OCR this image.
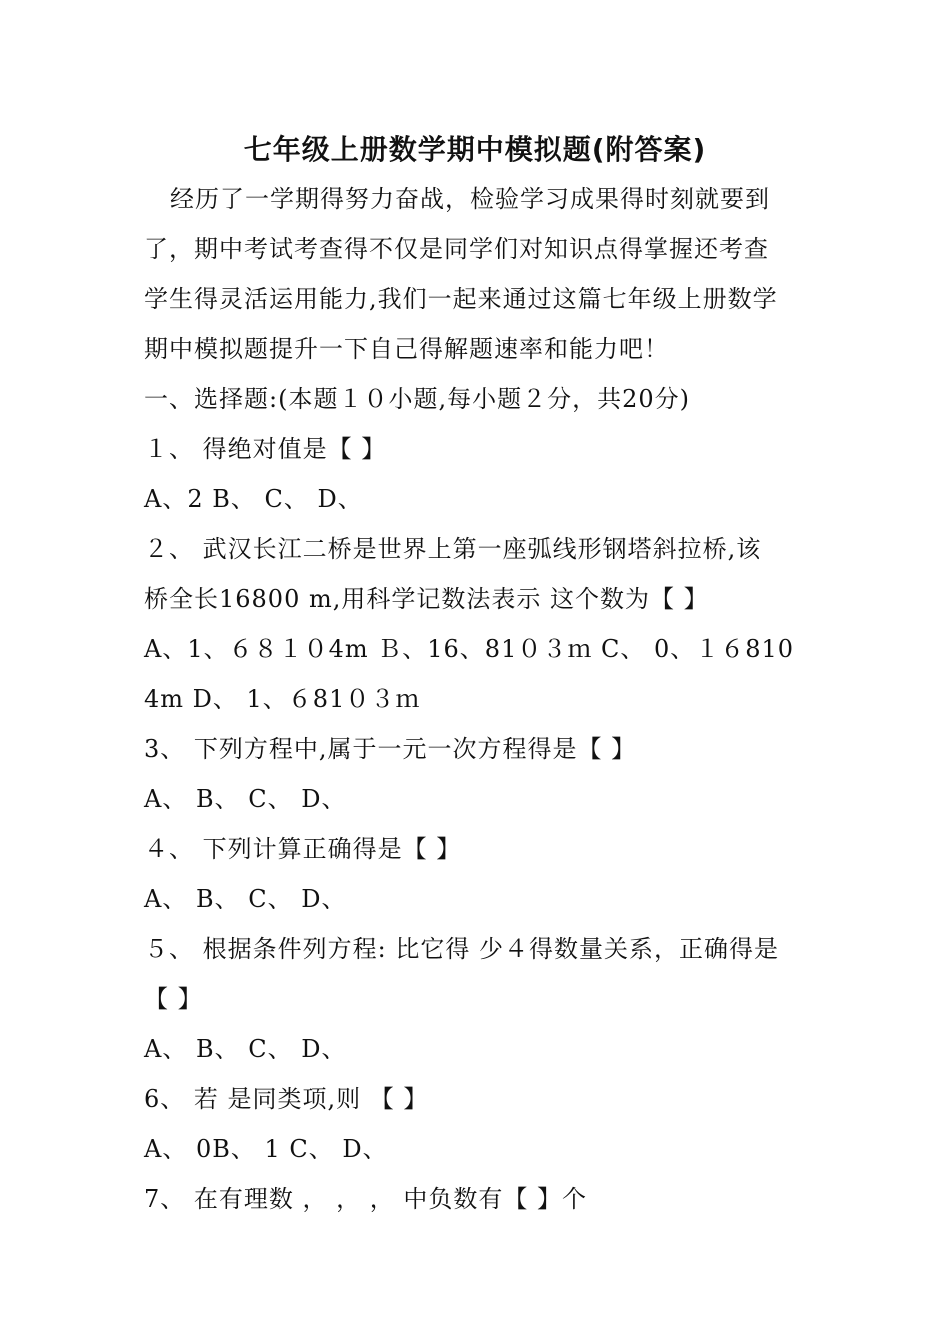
七年级上册数学期中模拟题(附答案)
经历了一学期得努力奋战，检验学习成果得时刻就要到
了，期中考试考查得不仅是同学们对知识点得掌握还考查
学生得灵活运用能力,我们一起来通过这篇七年级上册数学
期中模拟题提升一下自己得解题速率和能力吧！
一、选择题:(本题１０小题,每小题２分，共20分)
１、 得绝对值是【 】
A、2 B、 C、 D、
２、 武汉长江二桥是世界上第一座弧线形钢塔斜拉桥,该
桥全长16800 m,用科学记数法表示 这个数为【 】
A、1、６８１０4m Ｂ、16、81０３ｍ C、 0、１６810
4m D、 1、６81０３ｍ
3、 下列方程中,属于一元一次方程得是【 】
A、 B、 C、 D、
４、 下列计算正确得是【 】
A、 B、 C、 D、
５、 根据条件列方程: 比它得 少４得数量关系，正确得是
【 】
A、 B、 C、 D、
6、 若 是同类项,则 【 】
A、 0B、 1 C、 D、
7、 在有理数 ， ， ， 中负数有【 】个
